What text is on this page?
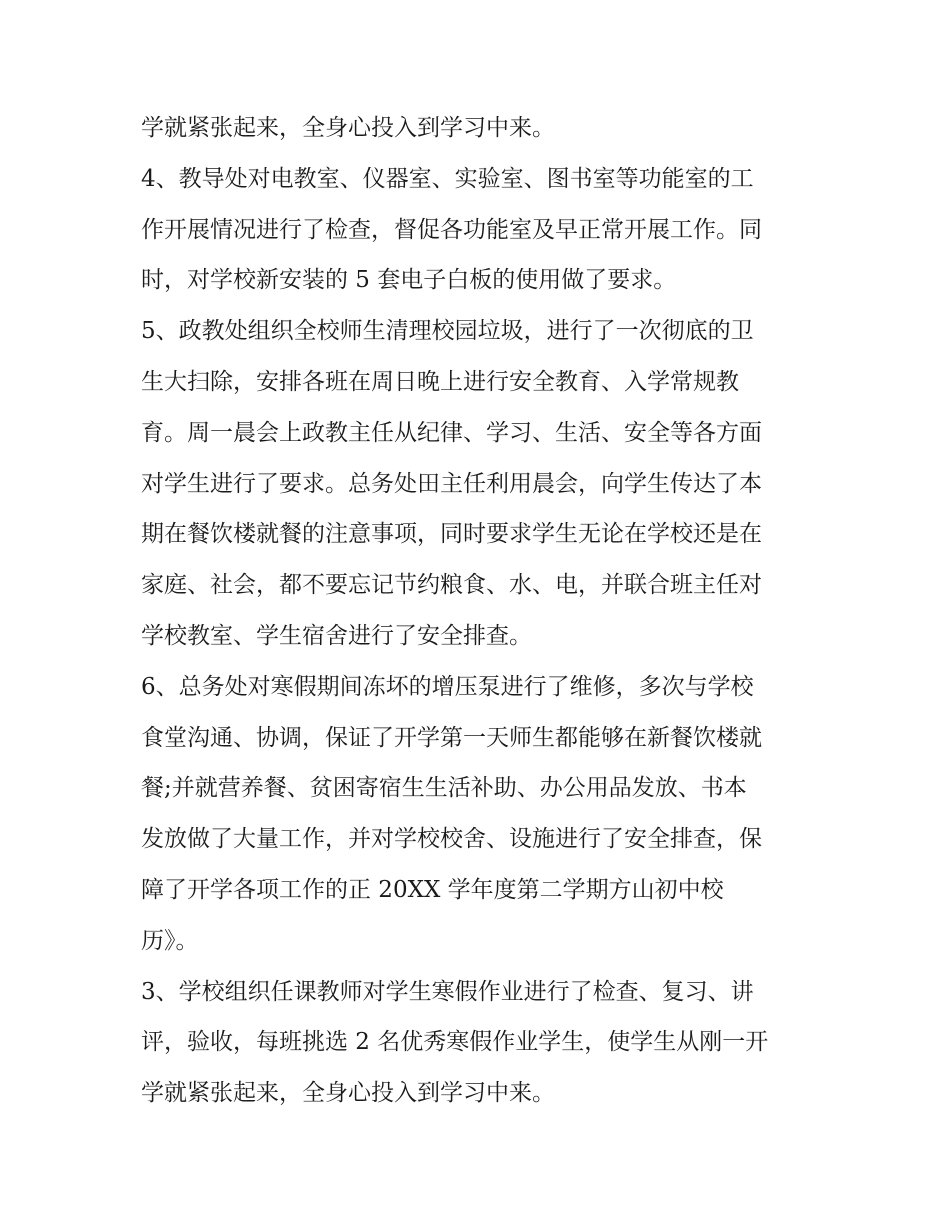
学就紧张起来，全身心投入到学习中来。
4、教导处对电教室、仪器室、实验室、图书室等功能室的工
作开展情况进行了检查，督促各功能室及早正常开展工作。同
时，对学校新安装的 5 套电子白板的使用做了要求。
5、政教处组织全校师生清理校园垃圾，进行了一次彻底的卫
生大扫除，安排各班在周日晚上进行安全教育、入学常规教
育。周一晨会上政教主任从纪律、学习、生活、安全等各方面
对学生进行了要求。总务处田主任利用晨会，向学生传达了本
期在餐饮楼就餐的注意事项，同时要求学生无论在学校还是在
家庭、社会，都不要忘记节约粮食、水、电，并联合班主任对
学校教室、学生宿舍进行了安全排查。
6、总务处对寒假期间冻坏的增压泵进行了维修，多次与学校
食堂沟通、协调，保证了开学第一天师生都能够在新餐饮楼就
餐;并就营养餐、贫困寄宿生生活补助、办公用品发放、书本
发放做了大量工作，并对学校校舍、设施进行了安全排查，保
障了开学各项工作的正 20XX 学年度第二学期方山初中校
历》。
3、学校组织任课教师对学生寒假作业进行了检查、复习、讲
评，验收，每班挑选 2 名优秀寒假作业学生，使学生从刚一开
学就紧张起来，全身心投入到学习中来。
